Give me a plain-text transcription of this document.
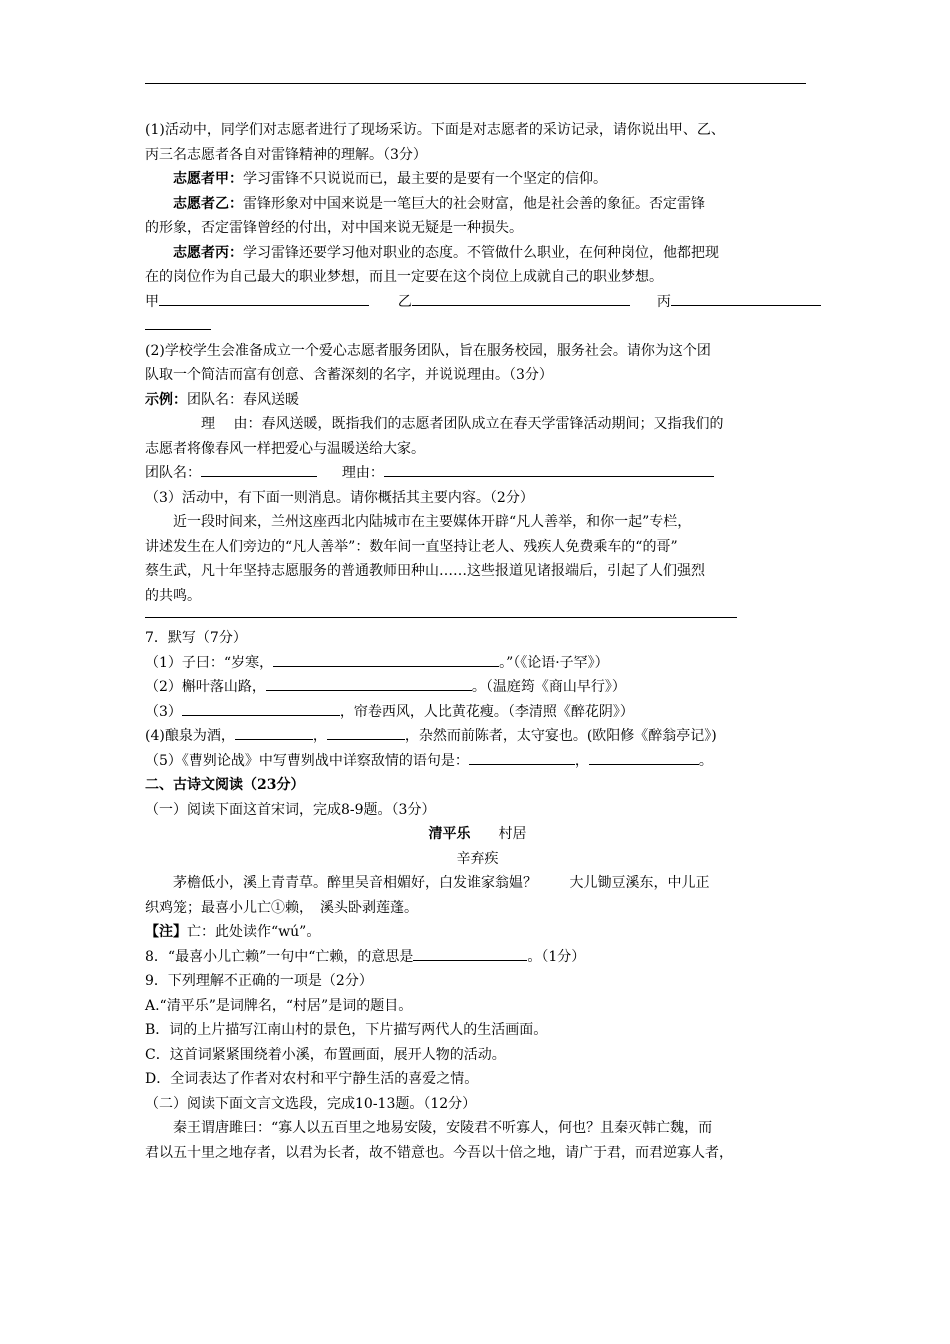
(1)活动中，同学们对志愿者进行了现场采访。下面是对志愿者的采访记录，请你说出甲、乙、
丙三名志愿者各自对雷锋精神的理解。（3分）
志愿者甲：学习雷锋不只说说而已，最主要的是要有一个坚定的信仰。
志愿者乙：雷锋形象对中国来说是一笔巨大的社会财富，他是社会善的象征。否定雷锋
的形象，否定雷锋曾经的付出，对中国来说无疑是一种损失。
志愿者丙：学习雷锋还要学习他对职业的态度。不管做什么职业，在何种岗位，他都把现
在的岗位作为自己最大的职业梦想，而且一定要在这个岗位上成就自己的职业梦想。
甲	乙	丙
(2)学校学生会准备成立一个爱心志愿者服务团队，旨在服务校园，服务社会。请你为这个团
队取一个简洁而富有创意、含蓄深刻的名字，并说说理由。（3分）
示例：团队名：春风送暖
理　 由：春风送暖，既指我们的志愿者团队成立在春天学雷锋活动期间；又指我们的
志愿者将像春风一样把爱心与温暖送给大家。
团队名：	理由：
（3）活动中，有下面一则消息。请你概括其主要内容。（2分）
近一段时间来，兰州这座西北内陆城市在主要媒体开辟“凡人善举，和你一起”专栏，
讲述发生在人们旁边的“凡人善举”：数年间一直坚持让老人、残疾人免费乘车的“的哥”
蔡生武，凡十年坚持志愿服务的普通教师田种山……这些报道见诸报端后，引起了人们强烈
的共鸣。
7．默写（7分）
（1）子曰：“岁寒，	。”（《论语·子罕》）
（2）槲叶落山路，	。（温庭筠《商山早行》）
（3）	，帘卷西风，人比黄花瘦。（李清照《醉花阴》）
(4)酿泉为酒，	，	，杂然而前陈者，太守宴也。(欧阳修《醉翁亭记》)
（5）《曹刿论战》中写曹刿战中详察敌情的语句是：	，	。
二、古诗文阅读（23分）
（一）阅读下面这首宋词，完成8-9题。（3分）
清平乐 村居
辛弃疾
茅檐低小，溪上青青草。醉里吴音相媚好，白发谁家翁媪？　　 大儿锄豆溪东，中儿正
织鸡笼；最喜小儿亡①赖，　溪头卧剥莲蓬。
【注】亡：此处读作“wú”。
8．“最喜小儿亡赖”一句中“亡赖，的意思是	。（1分）
9．下列理解不正确的一项是（2分）
A.“清平乐”是词牌名，“村居”是词的题目。
B．词的上片描写江南山村的景色，下片描写两代人的生活画面。
C．这首词紧紧围绕着小溪，布置画面，展开人物的活动。
D．全词表达了作者对农村和平宁静生活的喜爱之情。
（二）阅读下面文言文选段，完成10-13题。（12分）
秦王谓唐雎曰：“寡人以五百里之地易安陵，安陵君不听寡人，何也？且秦灭韩亡魏，而
君以五十里之地存者，以君为长者，故不错意也。今吾以十倍之地，请广于君，而君逆寡人者，
